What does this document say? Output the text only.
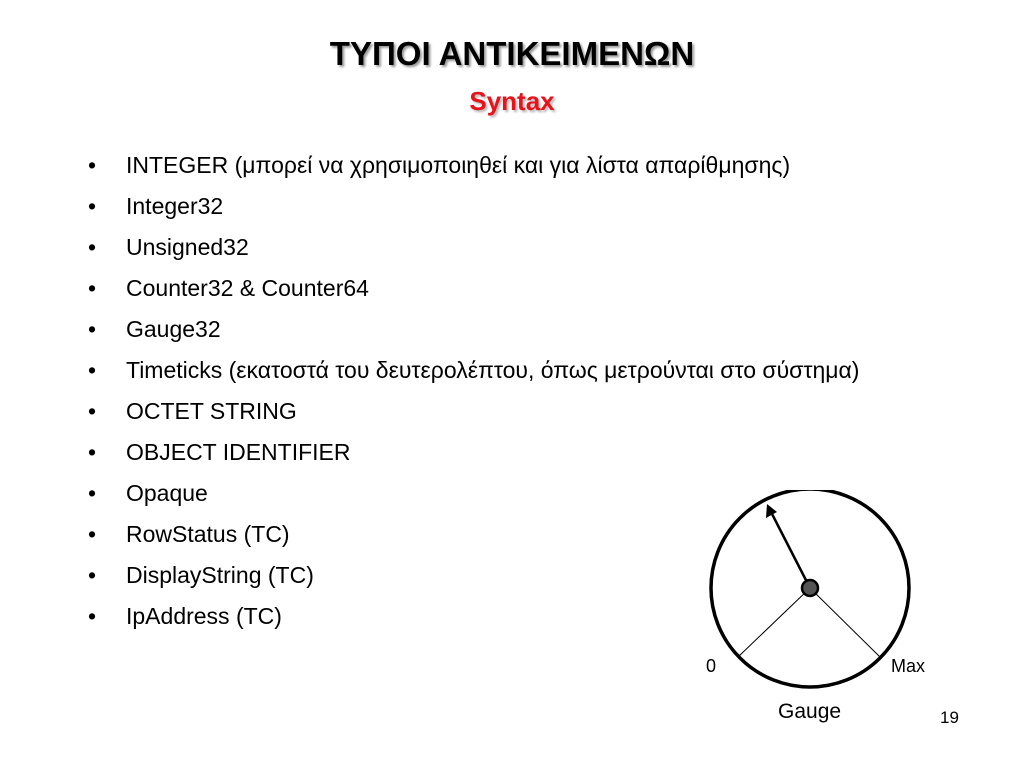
ΤΥΠΟΙ ΑΝΤΙΚΕΙΜΕΝΩΝ
Syntax
• INTEGER (μπορεί να χρησιμοποιηθεί και για λίστα απαρίθμησης)
• Integer32
• Unsigned32
• Counter32 & Counter64
• Gauge32
• Timeticks (εκατοστά του δευτερολέπτου, όπως μετρούνται στο σύστημα)
• OCTET STRING
• OBJECT IDENTIFIER
• Opaque
• RowStatus (TC)
• DisplayString (TC)
• IpAddress (TC)
0	Max
Gauge	19
